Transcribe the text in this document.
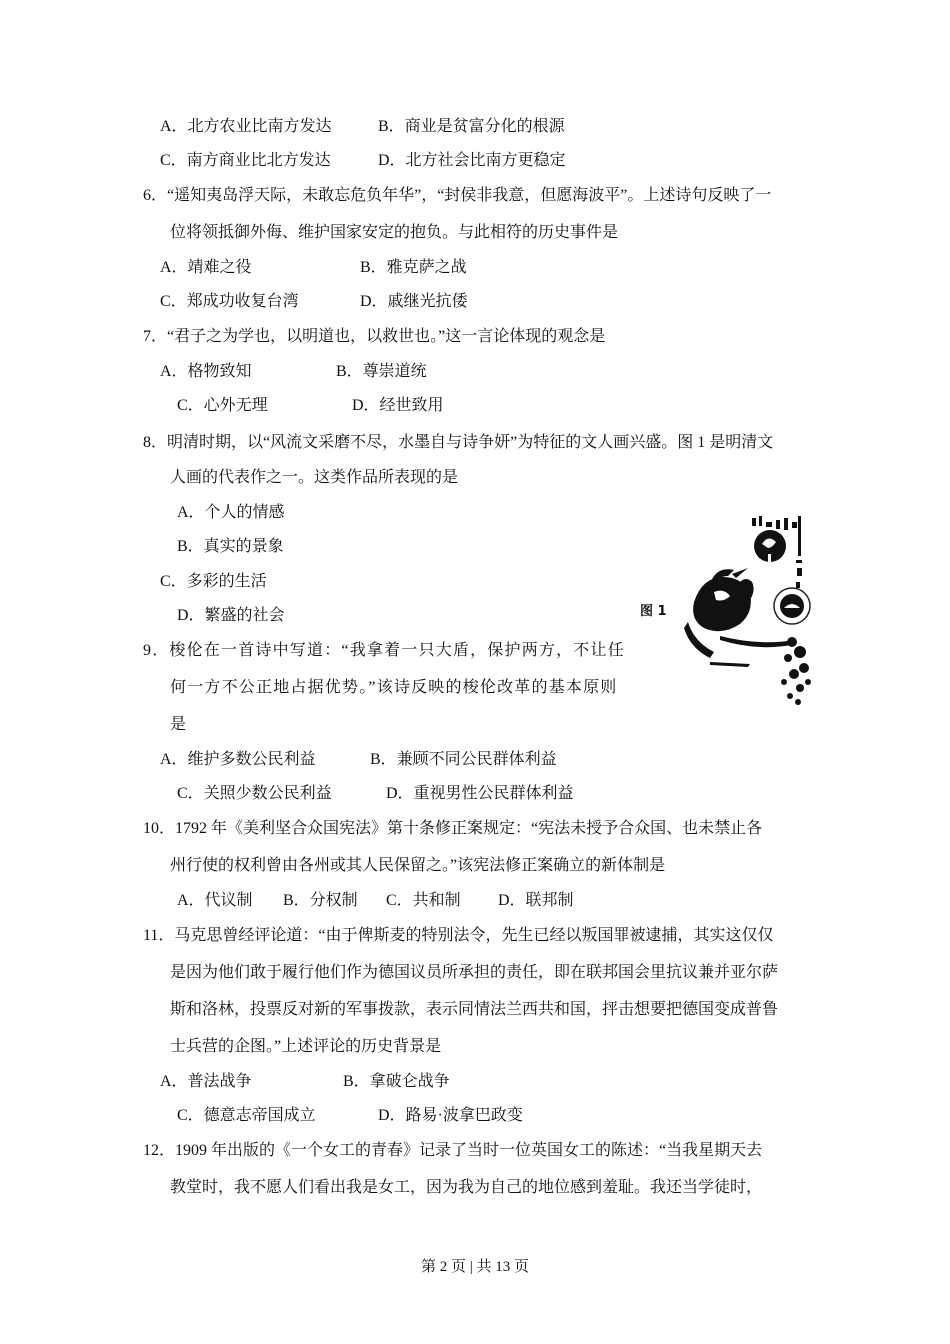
A．北方农业比南方发达	B．商业是贫富分化的根源
C．南方商业比北方发达	D．北方社会比南方更稳定
6．“遥知夷岛浮天际，未敢忘危负年华”，“封侯非我意，但愿海波平”。上述诗句反映了一
位将领抵御外侮、维护国家安定的抱负。与此相符的历史事件是
A．靖难之役	B．雅克萨之战
C．郑成功收复台湾	D．戚继光抗倭
7．“君子之为学也，以明道也，以救世也。”这一言论体现的观念是
A．格物致知	B．尊崇道统
C．心外无理	D．经世致用
8．明清时期，以“风流文采磨不尽，水墨自与诗争妍”为特征的文人画兴盛。图 1 是明清文
人画的代表作之一。这类作品所表现的是
A．个人的情感
B．真实的景象
C．多彩的生活
D．繁盛的社会	图 1
9．梭伦在一首诗中写道：“我拿着一只大盾，保护两方，不让任
何一方不公正地占据优势。”该诗反映的梭伦改革的基本原则
是
A．维护多数公民利益	B．兼顾不同公民群体利益
C．关照少数公民利益	D．重视男性公民群体利益
10．1792 年《美利坚合众国宪法》第十条修正案规定：“宪法未授予合众国、也未禁止各
州行使的权利曾由各州或其人民保留之。”该宪法修正案确立的新体制是
A．代议制 B．分权制 C．共和制 D．联邦制
11．马克思曾经评论道：“由于俾斯麦的特别法令，先生已经以叛国罪被逮捕，其实这仅仅
是因为他们敢于履行他们作为德国议员所承担的责任，即在联邦国会里抗议兼并亚尔萨
斯和洛林，投票反对新的军事拨款，表示同情法兰西共和国，抨击想要把德国变成普鲁
士兵营的企图。”上述评论的历史背景是
A．普法战争	B．拿破仑战争
C．德意志帝国成立	D．路易·波拿巴政变
12．1909 年出版的《一个女工的青春》记录了当时一位英国女工的陈述：“当我星期天去
教堂时，我不愿人们看出我是女工，因为我为自己的地位感到羞耻。我还当学徒时，
第 2 页 | 共 13 页
